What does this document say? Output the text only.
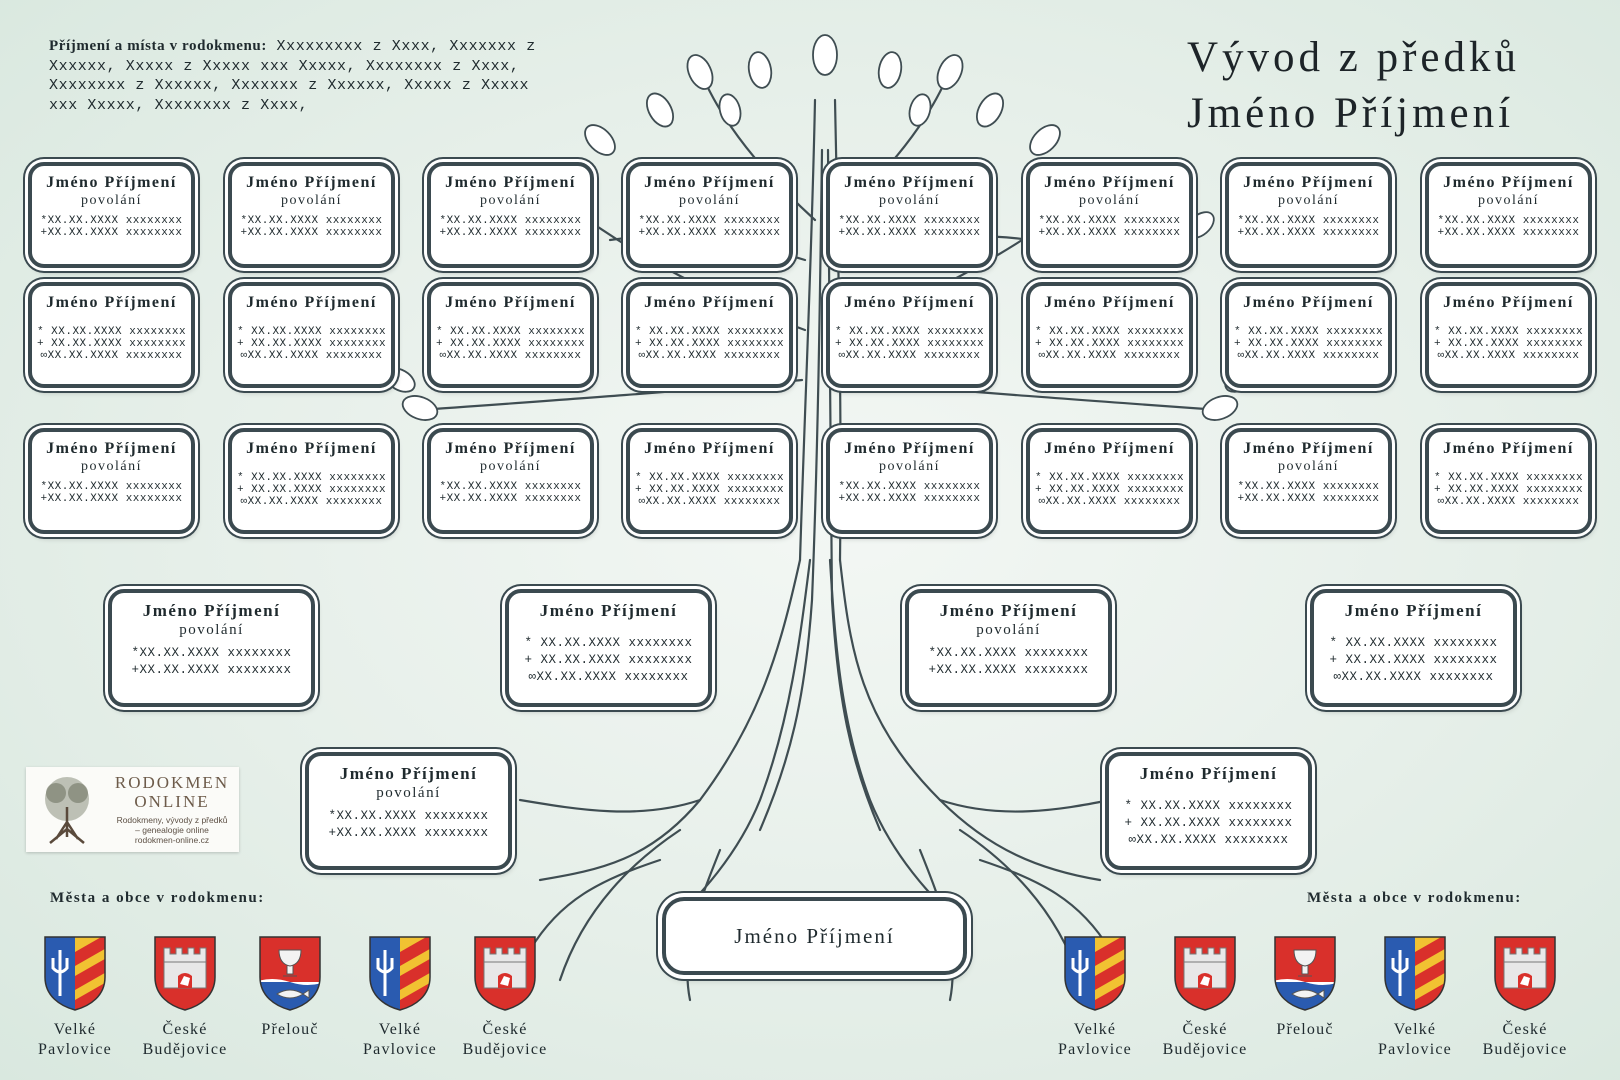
Příjmení a místa v rodokmenu: Xxxxxxxxx z Xxxx, Xxxxxxx z Xxxxxx, Xxxxx z Xxxxx xxx Xxxxx, Xxxxxxxx z Xxxx, Xxxxxxxx z Xxxxxx, Xxxxxxx z Xxxxxx, Xxxxx z Xxxxx xxx Xxxxx, Xxxxxxxx z Xxxx,
Vývod z předků
Jméno Příjmení
Jméno Příjmení
povolání
*XX.XX.XXXX xxxxxxxx
+XX.XX.XXXX xxxxxxxx
Jméno Příjmení
povolání
*XX.XX.XXXX xxxxxxxx
+XX.XX.XXXX xxxxxxxx
Jméno Příjmení
povolání
*XX.XX.XXXX xxxxxxxx
+XX.XX.XXXX xxxxxxxx
Jméno Příjmení
povolání
*XX.XX.XXXX xxxxxxxx
+XX.XX.XXXX xxxxxxxx
Jméno Příjmení
povolání
*XX.XX.XXXX xxxxxxxx
+XX.XX.XXXX xxxxxxxx
Jméno Příjmení
povolání
*XX.XX.XXXX xxxxxxxx
+XX.XX.XXXX xxxxxxxx
Jméno Příjmení
povolání
*XX.XX.XXXX xxxxxxxx
+XX.XX.XXXX xxxxxxxx
Jméno Příjmení
povolání
*XX.XX.XXXX xxxxxxxx
+XX.XX.XXXX xxxxxxxx
Jméno Příjmení
* XX.XX.XXXX xxxxxxxx
+ XX.XX.XXXX xxxxxxxx
∞XX.XX.XXXX xxxxxxxx
Jméno Příjmení
* XX.XX.XXXX xxxxxxxx
+ XX.XX.XXXX xxxxxxxx
∞XX.XX.XXXX xxxxxxxx
Jméno Příjmení
* XX.XX.XXXX xxxxxxxx
+ XX.XX.XXXX xxxxxxxx
∞XX.XX.XXXX xxxxxxxx
Jméno Příjmení
* XX.XX.XXXX xxxxxxxx
+ XX.XX.XXXX xxxxxxxx
∞XX.XX.XXXX xxxxxxxx
Jméno Příjmení
* XX.XX.XXXX xxxxxxxx
+ XX.XX.XXXX xxxxxxxx
∞XX.XX.XXXX xxxxxxxx
Jméno Příjmení
* XX.XX.XXXX xxxxxxxx
+ XX.XX.XXXX xxxxxxxx
∞XX.XX.XXXX xxxxxxxx
Jméno Příjmení
* XX.XX.XXXX xxxxxxxx
+ XX.XX.XXXX xxxxxxxx
∞XX.XX.XXXX xxxxxxxx
Jméno Příjmení
* XX.XX.XXXX xxxxxxxx
+ XX.XX.XXXX xxxxxxxx
∞XX.XX.XXXX xxxxxxxx
Jméno Příjmení
povolání
*XX.XX.XXXX xxxxxxxx
+XX.XX.XXXX xxxxxxxx
Jméno Příjmení
* XX.XX.XXXX xxxxxxxx
+ XX.XX.XXXX xxxxxxxx
∞XX.XX.XXXX xxxxxxxx
Jméno Příjmení
povolání
*XX.XX.XXXX xxxxxxxx
+XX.XX.XXXX xxxxxxxx
Jméno Příjmení
* XX.XX.XXXX xxxxxxxx
+ XX.XX.XXXX xxxxxxxx
∞XX.XX.XXXX xxxxxxxx
Jméno Příjmení
povolání
*XX.XX.XXXX xxxxxxxx
+XX.XX.XXXX xxxxxxxx
Jméno Příjmení
* XX.XX.XXXX xxxxxxxx
+ XX.XX.XXXX xxxxxxxx
∞XX.XX.XXXX xxxxxxxx
Jméno Příjmení
povolání
*XX.XX.XXXX xxxxxxxx
+XX.XX.XXXX xxxxxxxx
Jméno Příjmení
* XX.XX.XXXX xxxxxxxx
+ XX.XX.XXXX xxxxxxxx
∞XX.XX.XXXX xxxxxxxx
Jméno Příjmení
povolání
*XX.XX.XXXX xxxxxxxx
+XX.XX.XXXX xxxxxxxx
Jméno Příjmení
* XX.XX.XXXX xxxxxxxx
+ XX.XX.XXXX xxxxxxxx
∞XX.XX.XXXX xxxxxxxx
Jméno Příjmení
povolání
*XX.XX.XXXX xxxxxxxx
+XX.XX.XXXX xxxxxxxx
Jméno Příjmení
* XX.XX.XXXX xxxxxxxx
+ XX.XX.XXXX xxxxxxxx
∞XX.XX.XXXX xxxxxxxx
Jméno Příjmení
povolání
*XX.XX.XXXX xxxxxxxx
+XX.XX.XXXX xxxxxxxx
Jméno Příjmení
* XX.XX.XXXX xxxxxxxx
+ XX.XX.XXXX xxxxxxxx
∞XX.XX.XXXX xxxxxxxx
Jméno Příjmení
RODOKMEN
ONLINE
Rodokmeny, vývody z předků
– genealogie online
rodokmen-online.cz
Města a obce v rodokmenu:	Města a obce v rodokmenu:
Velké
Pavlovice
České
Budějovice
Přelouč	Velké
Pavlovice
České
Budějovice
Velké
Pavlovice
České
Budějovice
Přelouč	Velké
Pavlovice
České
Budějovice
